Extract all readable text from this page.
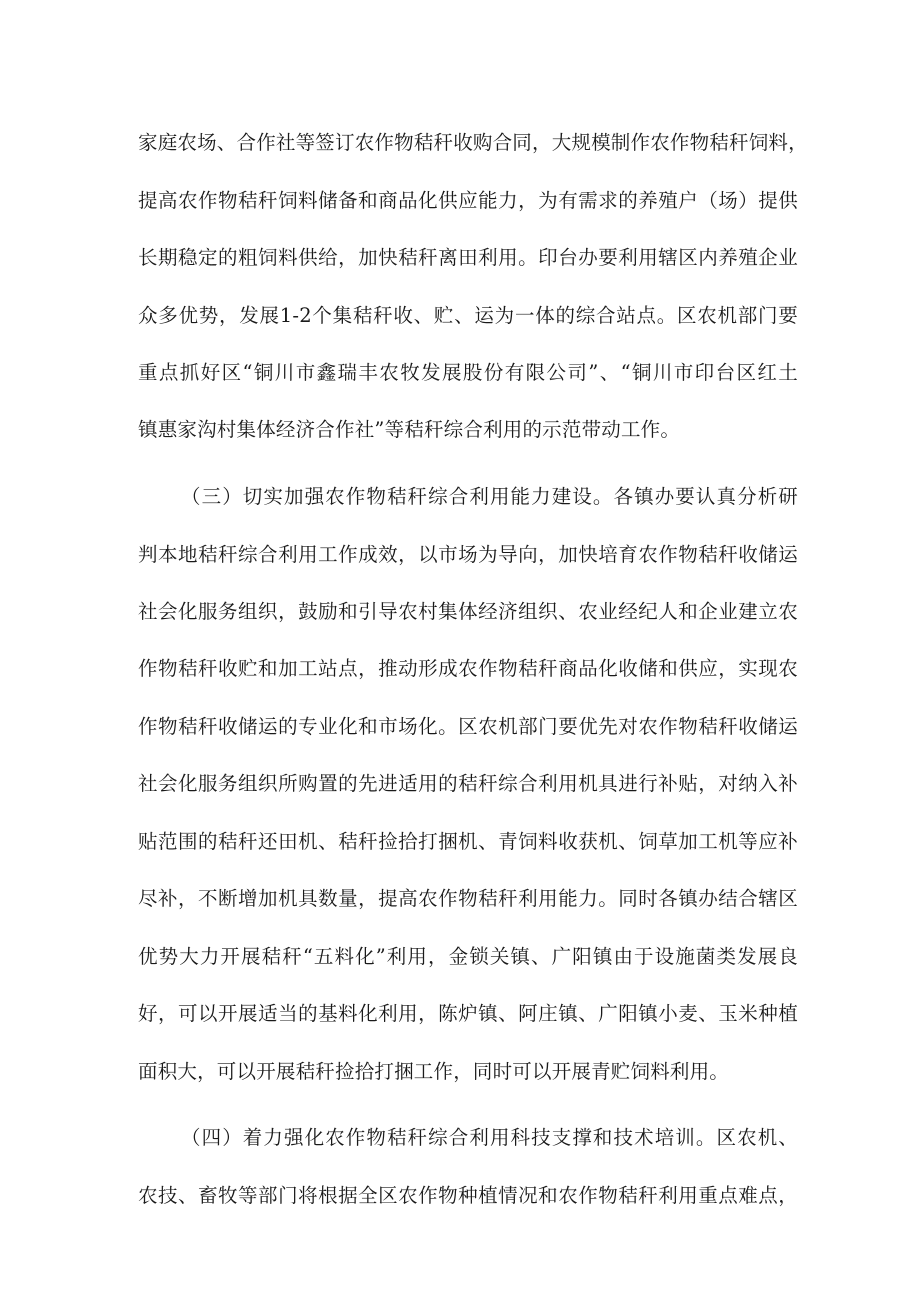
家庭农场、合作社等签订农作物秸秆收购合同，大规模制作农作物秸秆饲料，
提高农作物秸秆饲料储备和商品化供应能力，为有需求的养殖户（场）提供
长期稳定的粗饲料供给，加快秸秆离田利用。印台办要利用辖区内养殖企业
众多优势，发展1-2个集秸秆收、贮、运为一体的综合站点。区农机部门要
重点抓好区“铜川市鑫瑞丰农牧发展股份有限公司”、“铜川市印台区红土
镇惠家沟村集体经济合作社”等秸秆综合利用的示范带动工作。
（三）切实加强农作物秸秆综合利用能力建设。各镇办要认真分析研
判本地秸秆综合利用工作成效，以市场为导向，加快培育农作物秸秆收储运
社会化服务组织，鼓励和引导农村集体经济组织、农业经纪人和企业建立农
作物秸秆收贮和加工站点，推动形成农作物秸秆商品化收储和供应，实现农
作物秸秆收储运的专业化和市场化。区农机部门要优先对农作物秸秆收储运
社会化服务组织所购置的先进适用的秸秆综合利用机具进行补贴，对纳入补
贴范围的秸秆还田机、秸秆捡拾打捆机、青饲料收获机、饲草加工机等应补
尽补，不断增加机具数量，提高农作物秸秆利用能力。同时各镇办结合辖区
优势大力开展秸秆“五料化”利用，金锁关镇、广阳镇由于设施菌类发展良
好，可以开展适当的基料化利用，陈炉镇、阿庄镇、广阳镇小麦、玉米种植
面积大，可以开展秸秆捡拾打捆工作，同时可以开展青贮饲料利用。
（四）着力强化农作物秸秆综合利用科技支撑和技术培训。区农机、
农技、畜牧等部门将根据全区农作物种植情况和农作物秸秆利用重点难点，
